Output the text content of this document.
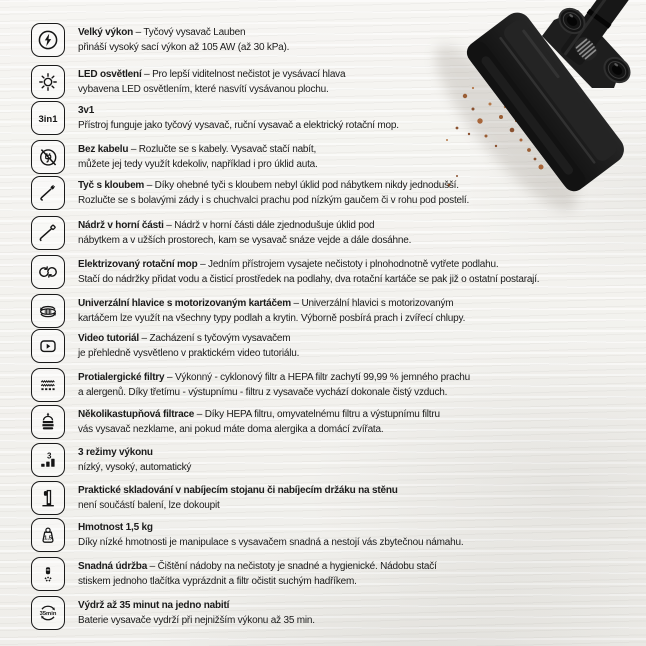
Velký výkon – Tyčový vysavač Lauben
přináší vysoký sací výkon až 105 AW (až 30 kPa).
LED osvětlení – Pro lepší viditelnost nečistot je vysávací hlava
vybavena LED osvětlením, které nasvítí vysávanou plochu.
3in1
3v1
Přístroj funguje jako tyčový vysavač, ruční vysavač a elektrický rotační mop.
Bez kabelu – Rozlučte se s kabely. Vysavač stačí nabít,
můžete jej tedy využít kdekoliv, například i pro úklid auta.
Tyč s kloubem – Díky ohebné tyči s kloubem nebyl úklid pod nábytkem nikdy jednodušší.
Rozlučte se s bolavými zády i s chuchvalci prachu pod nízkým gaučem či v rohu pod postelí.
Nádrž v horní části – Nádrž v horní části dále zjednodušuje úklid pod
nábytkem a v užších prostorech, kam se vysavač snáze vejde a dále dosáhne.
Elektrizovaný rotační mop – Jedním přístrojem vysajete nečistoty i plnohodnotně vytřete podlahu.
Stačí do nádržky přidat vodu a čisticí prostředek na podlahy, dva rotační kartáče se pak již o ostatní postarají.
Univerzální hlavice s motorizovaným kartáčem – Univerzální hlavici s motorizovaným
kartáčem lze využít na všechny typy podlah a krytin. Výborně posbírá prach i zvířecí chlupy.
Video tutoriál – Zacházení s tyčovým vysavačem
je přehledně vysvětleno v praktickém video tutoriálu.
Protialergické filtry – Výkonný - cyklonový filtr a HEPA filtr zachytí 99,99 % jemného prachu
a alergenů. Díky třetímu - výstupnímu - filtru z vysavače vychází dokonale čistý vzduch.
Několikastupňová filtrace – Díky HEPA filtru, omyvatelnému filtru a výstupnímu filtru
vás vysavač nezklame, ani pokud máte doma alergika a domácí zvířata.
3	3 režimy výkonu
nízký, vysoký, automatický
Praktické skladování v nabíjecím stojanu či nabíjecím držáku na stěnu
není součástí balení, lze dokoupit
1,5
Hmotnost 1,5 kg
Díky nízké hmotnosti je manipulace s vysavačem snadná a nestojí vás zbytečnou námahu.
Snadná údržba – Čištění nádoby na nečistoty je snadné a hygienické. Nádobu stačí
stiskem jednoho tlačítka vyprázdnit a filtr očistit suchým hadříkem.
35min
Výdrž až 35 minut na jedno nabití
Baterie vysavače vydrží při nejnižším výkonu až 35 min.
